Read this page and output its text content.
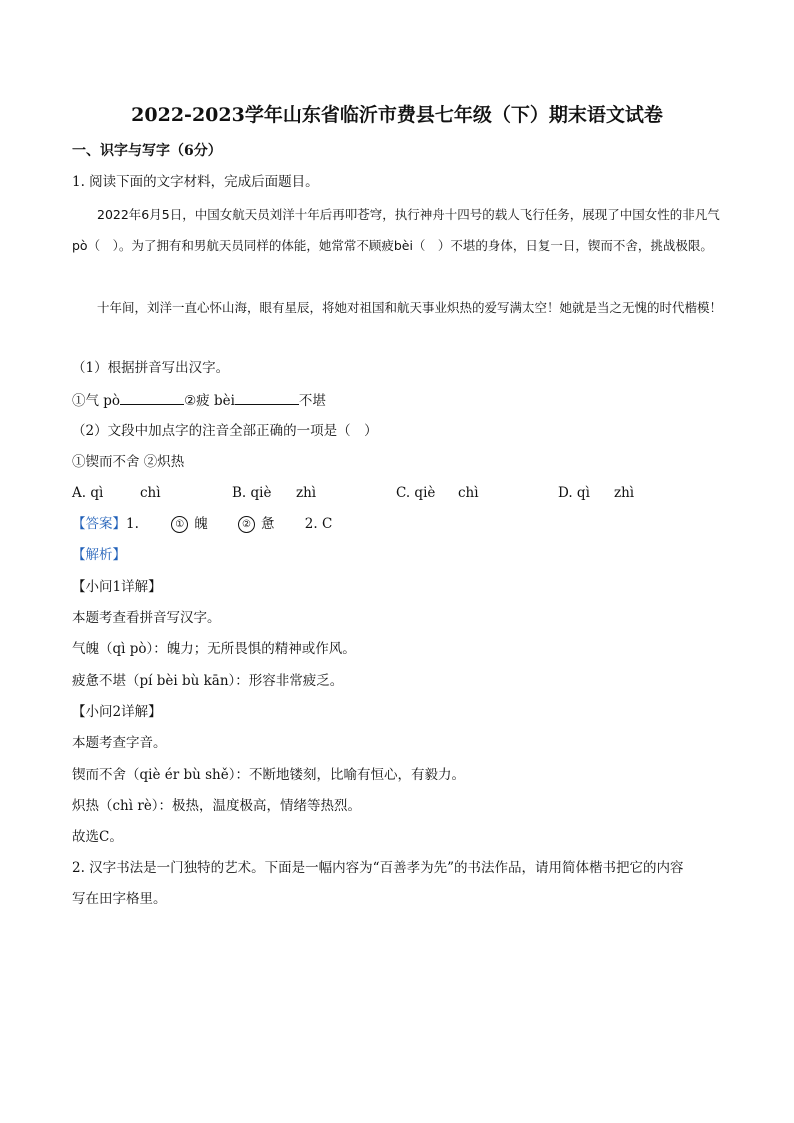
2022-2023学年山东省临沂市费县七年级（下）期末语文试卷
一、识字与写字（6分）
1. 阅读下面的文字材料，完成后面题目。
2022年6月5日，中国女航天员刘洋十年后再叩苍穹，执行神舟十四号的载人飞行任务，展现了中国女性的非凡气pò（　）。为了拥有和男航天员同样的体能，她常常不顾疲bèi（　）不堪的身体，日复一日，锲而不舍，挑战极限。
十年间，刘洋一直心怀山海，眼有星辰，将她对祖国和航天事业炽热的爱写满太空！她就是当之无愧的时代楷模！
（1）根据拼音写出汉字。
①气 pò	②疲 bèi	不堪
（2）文段中加点字的注音全部正确的一项是（　）
①锲而不舍 ②炽热
A. qì	chì	B. qiè zhì	C. qiè chì	D. qì zhì
【答案】1.	① 魄	② 惫 2. C
【解析】
【小问1详解】
本题考查看拼音写汉字。
气魄（qì pò）：魄力；无所畏惧的精神或作风。
疲惫不堪（pí bèi bù kān）：形容非常疲乏。
【小问2详解】
本题考查字音。
锲而不舍（qiè ér bù shě）：不断地镂刻，比喻有恒心，有毅力。
炽热（chì rè）：极热，温度极高，情绪等热烈。
故选C。
2. 汉字书法是一门独特的艺术。下面是一幅内容为“百善孝为先”的书法作品，请用简体楷书把它的内容
写在田字格里。
